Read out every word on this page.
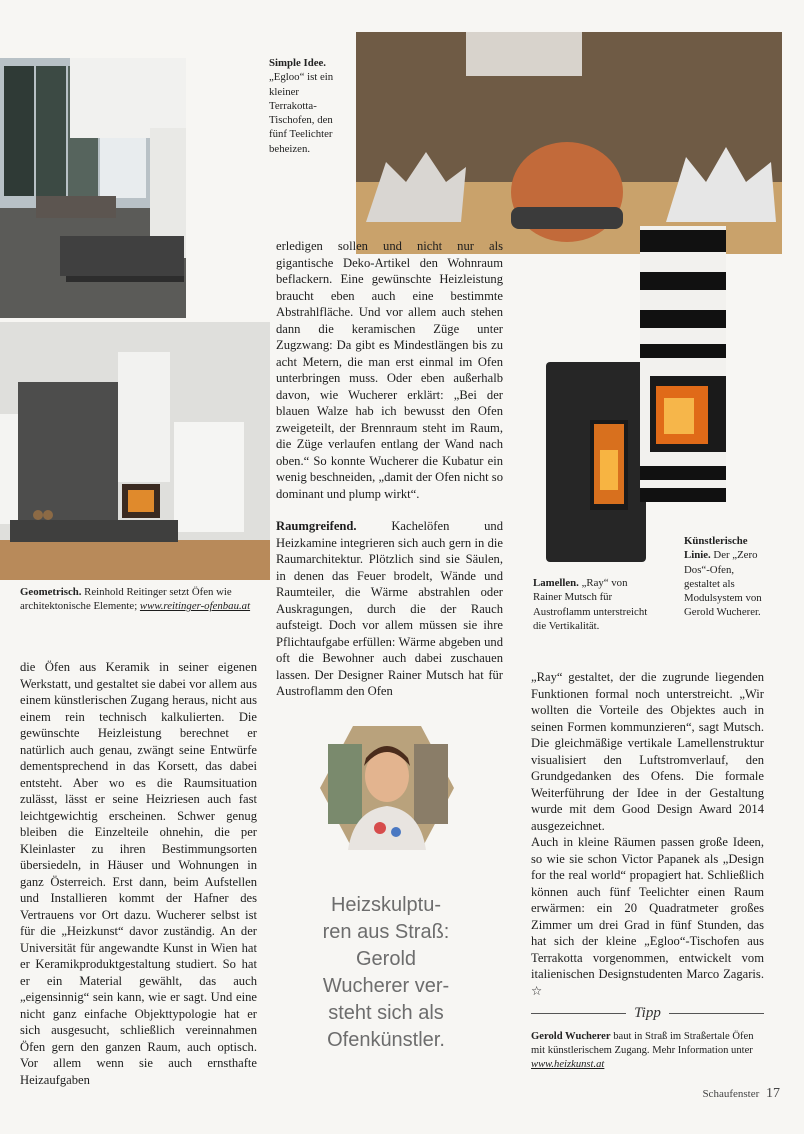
Simple Idee. „Egloo“ ist ein kleiner Terrakotta-Tischofen, den fünf Teelichter beheizen.
Geometrisch. Reinhold Reitinger setzt Öfen wie architektonische Elemente; www.reitinger-ofenbau.at

erledigen sollen und nicht nur als gigantische Deko-Artikel den Wohnraum beflackern. Eine gewünschte Heizleistung braucht eben auch eine bestimmte Abstrahlfläche. Und vor allem auch stehen dann die keramischen Züge unter Zugzwang: Da gibt es Mindestlängen bis zu acht Metern, die man erst einmal im Ofen unterbringen muss. Oder eben außerhalb davon, wie Wucherer erklärt: „Bei der blauen Walze hab ich bewusst den Ofen zweigeteilt, der Brennraum steht im Raum, die Züge verlaufen entlang der Wand nach oben.“ So konnte Wucherer die Kubatur ein wenig beschneiden, „damit der Ofen nicht so dominant und plump wirkt“.

Raumgreifend.	Kachelöfen und Heizkamine integrieren sich auch gern in die Raumarchitektur. Plötzlich sind sie Säulen, in denen das Feuer brodelt, Wände und Raumteiler, die Wärme abstrahlen oder Auskragungen, durch die der Rauch aufsteigt. Doch vor allem müssen sie ihre Pflichtaufgabe erfüllen: Wärme abgeben und oft die Bewohner auch dabei zuschauen lassen. Der Designer Rainer Mutsch hat für Austroflamm den Ofen

Lamellen. „Ray“ von Rainer Mutsch für Austroflamm unterstreicht die Vertikalität.
Künstlerische Linie. Der „Zero Dos“-Ofen, gestaltet als Modulsystem von Gerold Wucherer.

die Öfen aus Keramik in seiner eigenen Werkstatt, und gestaltet sie dabei vor allem aus einem künstlerischen Zugang heraus, nicht aus einem rein technisch kalkulierten. Die gewünschte Heizleistung berechnet er natürlich auch genau, zwängt seine Entwürfe dementsprechend in das Korsett, das dabei entsteht. Aber wo es die Raumsituation zulässt, lässt er seine Heizriesen auch fast leichtgewichtig erscheinen. Schwer genug bleiben die Einzelteile ohnehin, die per Kleinlaster zu ihren Bestimmungsorten übersiedeln, in Häuser und Wohnungen in ganz Österreich. Erst dann, beim Aufstellen und Installieren kommt der Hafner des Vertrauens vor Ort dazu. Wucherer selbst ist für die „Heizkunst“ davor zuständig. An der Universität für angewandte Kunst in Wien hat er Keramikproduktgestaltung studiert. So hat er ein Material gewählt, das auch „eigensinnig“ sein kann, wie er sagt. Und eine nicht ganz einfache Objekttypologie hat er sich ausgesucht, schließlich vereinnahmen Öfen gern den ganzen Raum, auch optisch. Vor allem wenn sie auch ernsthafte Heizaufgaben

Heizskulptu-
ren aus Straß:
Gerold
Wucherer ver-
steht sich als
Ofenkünstler.

„Ray“ gestaltet, der die zugrunde liegenden Funktionen formal noch unterstreicht. „Wir wollten die Vorteile des Objektes auch in seinen Formen kommunzieren“, sagt Mutsch. Die gleichmäßige vertikale Lamellenstruktur visualisiert den Luftstromverlauf, den Grundgedanken des Ofens. Die formale Weiterführung der Idee in der Gestaltung wurde mit dem Good Design Award 2014 ausgezeichnet.

Auch in kleine Räumen passen große Ideen, so wie sie schon Victor Papanek als „Design for the real world“ propagiert hat. Schließlich können auch fünf Teelichter einen Raum erwärmen: ein 20 Quadratmeter großes Zimmer um drei Grad in fünf Stunden, das hat sich der kleine „Egloo“-Tischofen aus Terrakotta vorgenommen, entwickelt vom italienischen Designstudenten Marco Zagaris. ☆

Tipp
Gerold Wucherer baut in Straß im Straßertale Öfen mit künstlerischem Zugang. Mehr Information unter www.heizkunst.at
Schaufenster 17
